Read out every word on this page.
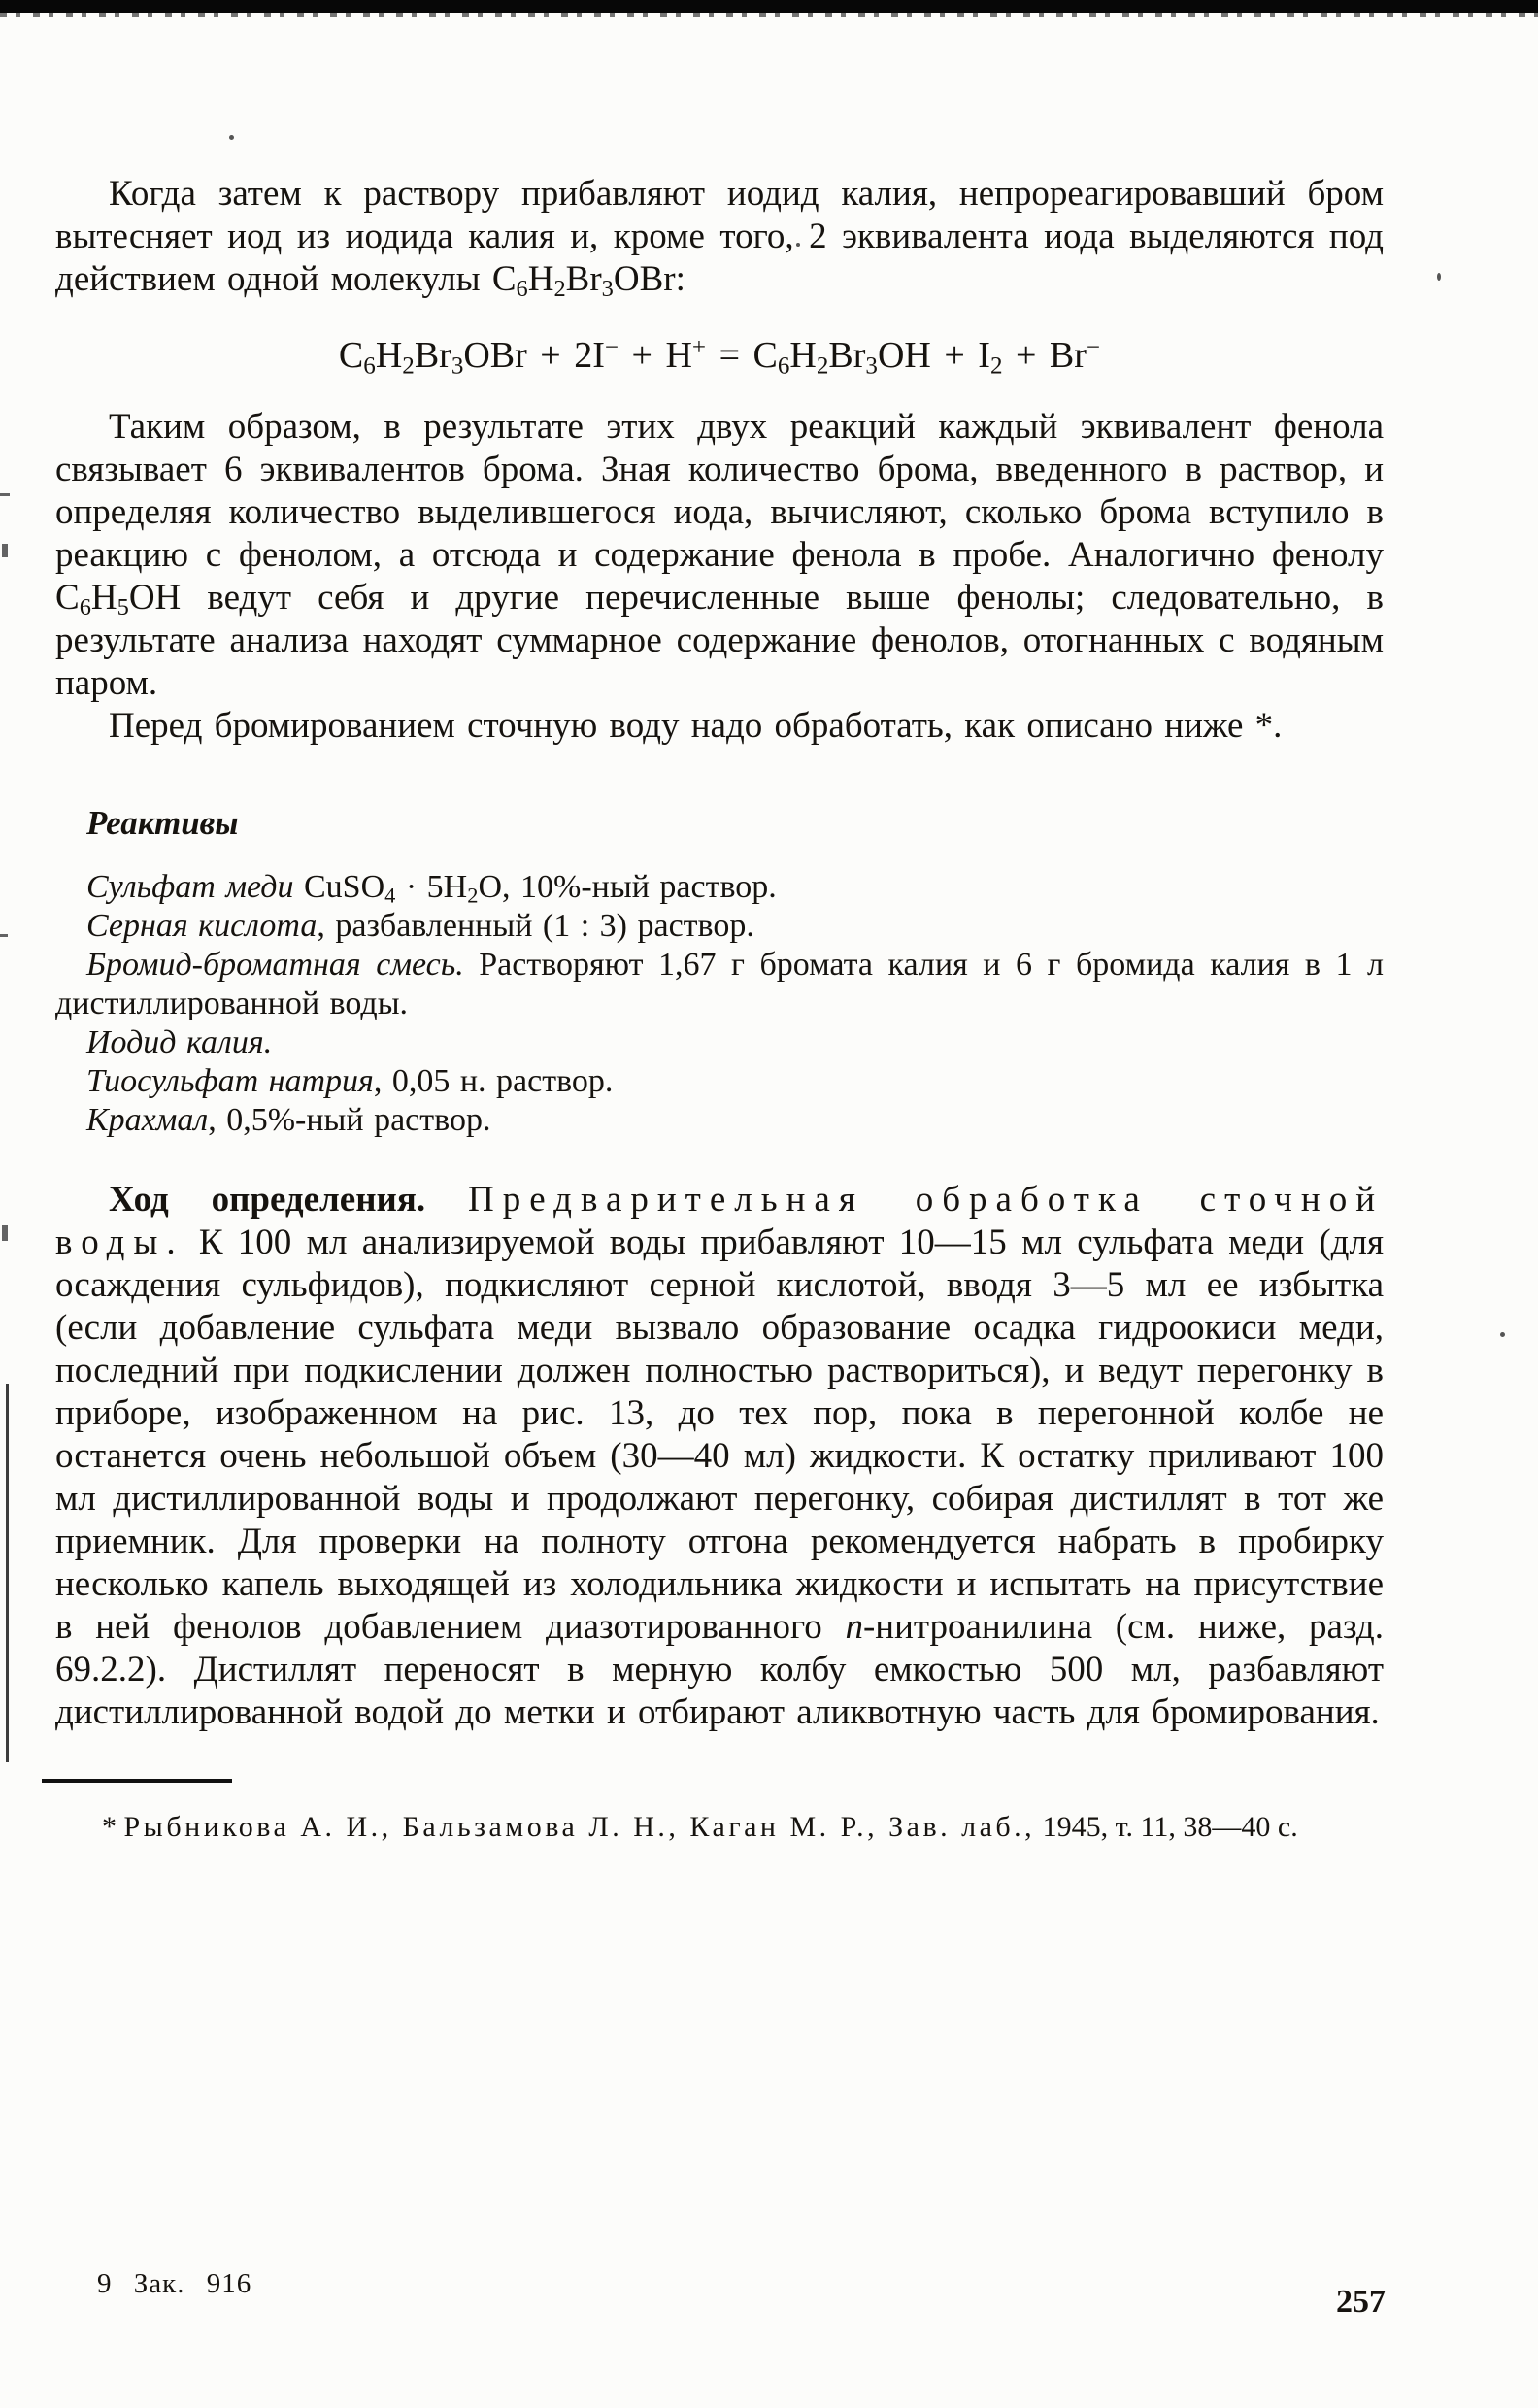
Когда затем к раствору прибавляют иодид калия, непрореагировавший бром вытесняет иод из иодида калия и, кроме того, 2 эквивалента иода выделяются под действием одной молекулы $C_6H_2Br_3OBr$:

$C_6H_2Br_3OBr + 2I^- + H^+ = C_6H_2Br_3OH + I_2 + Br^-$

Таким образом, в результате этих двух реакций каждый эквивалент фенола связывает 6 эквивалентов брома. Зная количество брома, введенного в раствор, и определяя количество выделившегося иода, вычисляют, сколько брома вступило в реакцию с фенолом, а отсюда и содержание фенола в пробе. Аналогично фенолу $C_6H_5OH$ ведут себя и другие перечисленные выше фенолы; следовательно, в результате анализа находят суммарное содержание фенолов, отогнанных с водяным паром.

Перед бромированием сточную воду надо обработать, как описано ниже *.

Реактивы

Сульфат меди CuSO$_4$ · $5H_2O$, 10%-ный раствор.

Серная кислота, разбавленный (1 : 3) раствор.

Бромид-броматная смесь. Растворяют 1,67 г бромата калия и 6 г бромида калия в 1 л дистиллированной воды.

Иодид калия.

Тиосульфат натрия, 0,05 н. раствор.

Крахмал, 0,5%-ный раствор.

Ход определения. Предварительная обработка сточной воды. К 100 мл анализируемой воды прибавляют 10—15 мл сульфата меди (для осаждения сульфидов), подкисляют серной кислотой, вводя 3—5 мл ее избытка (если добавление сульфата меди вызвало образование осадка гидроокиси меди, последний при подкислении должен полностью раствориться), и ведут перегонку в приборе, изображенном на рис. 13, до тех пор, пока в перегонной колбе не останется очень небольшой объем (30—40 мл) жидкости. К остатку приливают 100 мл дистиллированной воды и продолжают перегонку, собирая дистиллят в тот же приемник. Для проверки на полноту отгона рекомендуется набрать в пробирку несколько капель выходящей из холодильника жидкости и испытать на присутствие в ней фенолов добавлением диазотированного п-нитроанилина (см. ниже, разд. 69.2.2). Дистиллят переносят в мерную колбу емкостью 500 мл, разбавляют дистиллированной водой до метки и отбирают аликвотную часть для бромирования.

* Рыбникова А. И., Бальзамова Л. Н., Каган М. Р., Зав. лаб., 1945, т. 11, 38—40 с.

9 Зак. 916	257
